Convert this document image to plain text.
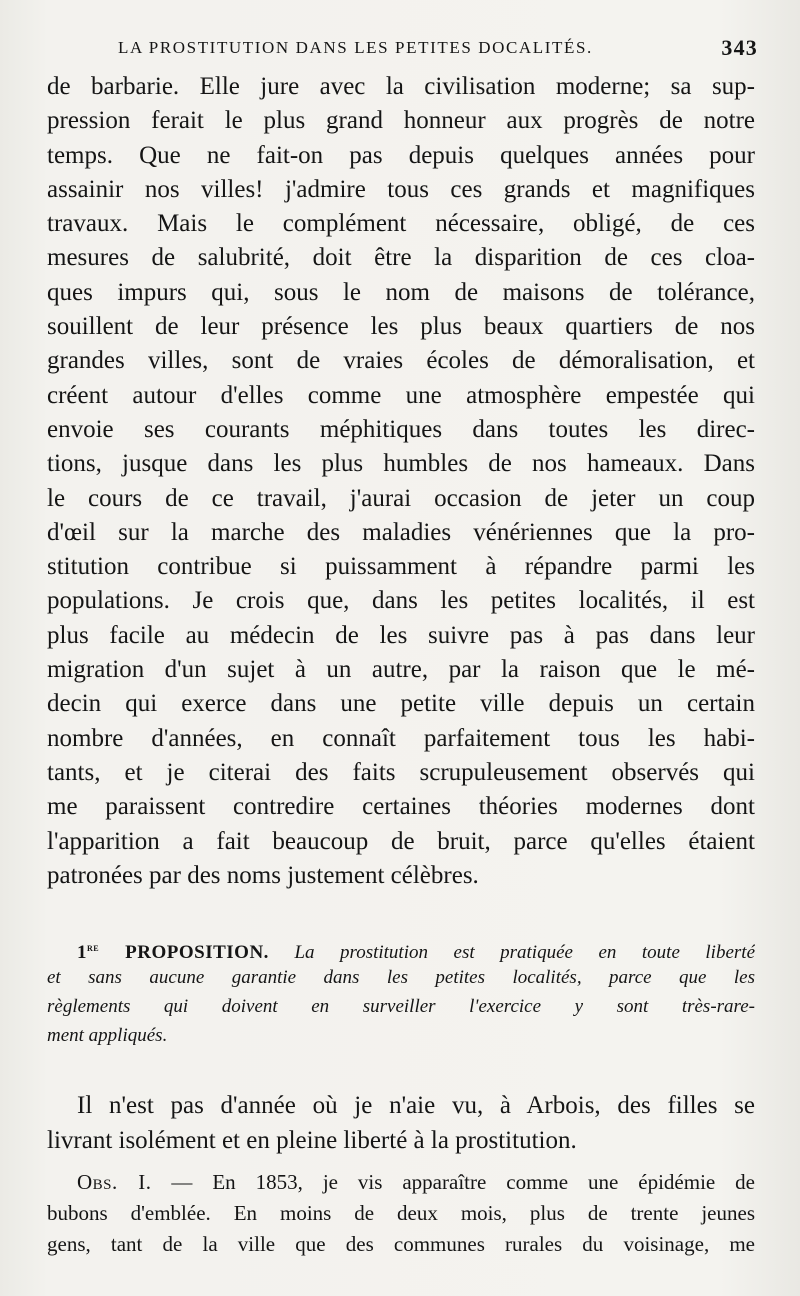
LA PROSTITUTION DANS LES PETITES DOCALITÉS.	343
de barbarie. Elle jure avec la civilisation moderne; sa sup-
pression ferait le plus grand honneur aux progrès de notre
temps. Que ne fait-on pas depuis quelques années pour
assainir nos villes! j'admire tous ces grands et magnifiques
travaux. Mais le complément nécessaire, obligé, de ces
mesures de salubrité, doit être la disparition de ces cloa-
ques impurs qui, sous le nom de maisons de tolérance,
souillent de leur présence les plus beaux quartiers de nos
grandes villes, sont de vraies écoles de démoralisation, et
créent autour d'elles comme une atmosphère empestée qui
envoie ses courants méphitiques dans toutes les direc-
tions, jusque dans les plus humbles de nos hameaux. Dans
le cours de ce travail, j'aurai occasion de jeter un coup
d'œil sur la marche des maladies vénériennes que la pro-
stitution contribue si puissamment à répandre parmi les
populations. Je crois que, dans les petites localités, il est
plus facile au médecin de les suivre pas à pas dans leur
migration d'un sujet à un autre, par la raison que le mé-
decin qui exerce dans une petite ville depuis un certain
nombre d'années, en connaît parfaitement tous les habi-
tants, et je citerai des faits scrupuleusement observés qui
me paraissent contredire certaines théories modernes dont
l'apparition a fait beaucoup de bruit, parce qu'elles étaient
patronées par des noms justement célèbres.
1re PROPOSITION. La prostitution est pratiquée en toute liberté
et sans aucune garantie dans les petites localités, parce que les
règlements qui doivent en surveiller l'exercice y sont très-rare-
ment appliqués.
Il n'est pas d'année où je n'aie vu, à Arbois, des filles se
livrant isolément et en pleine liberté à la prostitution.
Obs. I. — En 1853, je vis apparaître comme une épidémie de
bubons d'emblée. En moins de deux mois, plus de trente jeunes
gens, tant de la ville que des communes rurales du voisinage, me
